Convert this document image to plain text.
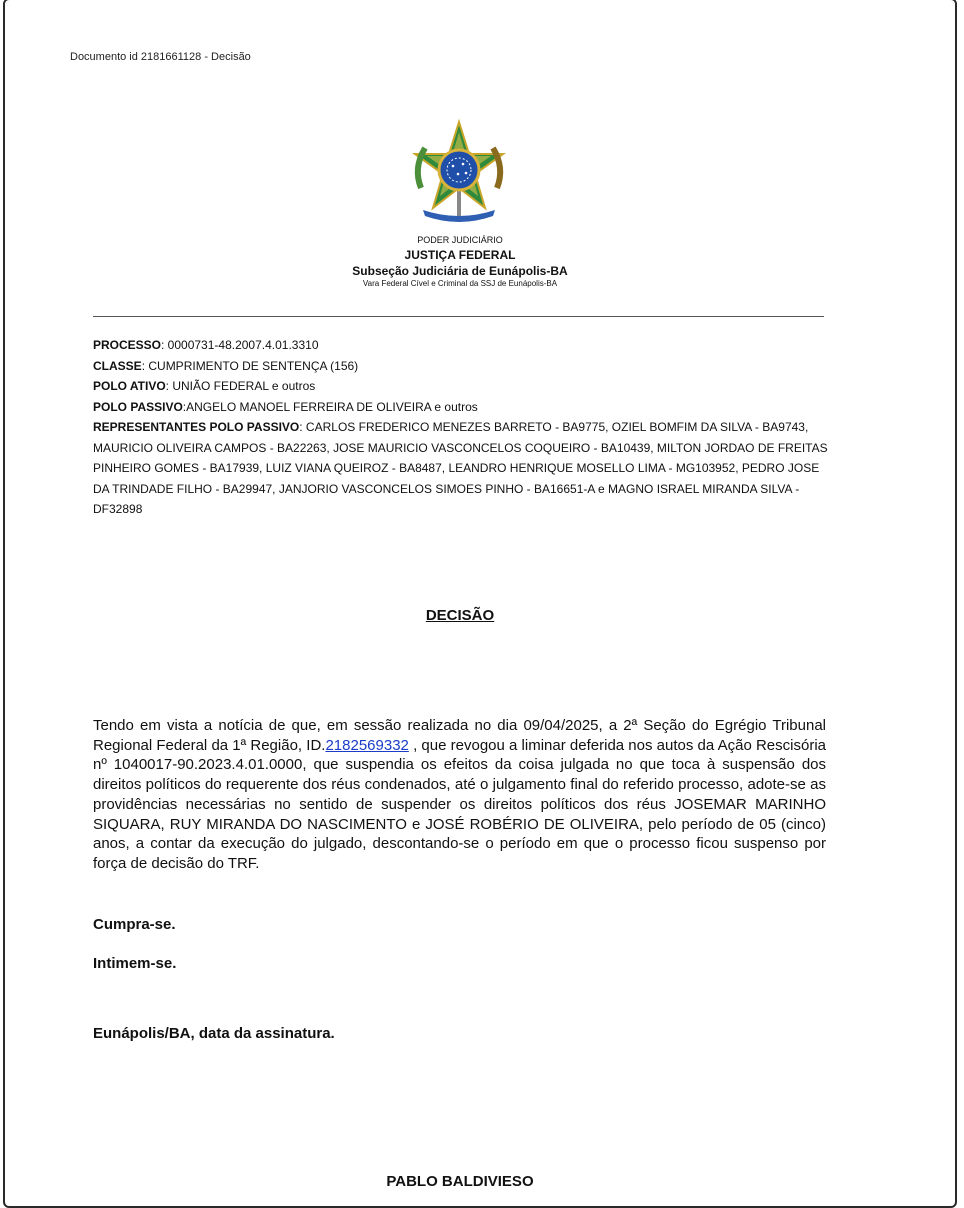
Documento id 2181661128 - Decisão
PODER JUDICIÁRIO
JUSTIÇA FEDERAL
Subseção Judiciária de Eunápolis-BA
Vara Federal Cível e Criminal da SSJ de Eunápolis-BA
PROCESSO: 0000731-48.2007.4.01.3310
CLASSE: CUMPRIMENTO DE SENTENÇA (156)
POLO ATIVO: UNIÃO FEDERAL e outros
POLO PASSIVO:ANGELO MANOEL FERREIRA DE OLIVEIRA e outros
REPRESENTANTES POLO PASSIVO: CARLOS FREDERICO MENEZES BARRETO - BA9775, OZIEL BOMFIM DA SILVA - BA9743, MAURICIO OLIVEIRA CAMPOS - BA22263, JOSE MAURICIO VASCONCELOS COQUEIRO - BA10439, MILTON JORDAO DE FREITAS PINHEIRO GOMES - BA17939, LUIZ VIANA QUEIROZ - BA8487, LEANDRO HENRIQUE MOSELLO LIMA - MG103952, PEDRO JOSE DA TRINDADE FILHO - BA29947, JANJORIO VASCONCELOS SIMOES PINHO - BA16651-A e MAGNO ISRAEL MIRANDA SILVA - DF32898
DECISÃO
Tendo em vista a notícia de que, em sessão realizada no dia 09/04/2025, a 2ª Seção do Egrégio Tribunal Regional Federal da 1ª Região, ID.2182569332 , que revogou a liminar deferida nos autos da Ação Rescisória nº 1040017-90.2023.4.01.0000, que suspendia os efeitos da coisa julgada no que toca à suspensão dos direitos políticos do requerente dos réus condenados, até o julgamento final do referido processo, adote-se as providências necessárias no sentido de suspender os direitos políticos dos réus JOSEMAR MARINHO SIQUARA, RUY MIRANDA DO NASCIMENTO e JOSÉ ROBÉRIO DE OLIVEIRA, pelo período de 05 (cinco) anos, a contar da execução do julgado, descontando-se o período em que o processo ficou suspenso por força de decisão do TRF.
Cumpra-se.
Intimem-se.
Eunápolis/BA, data da assinatura.
PABLO BALDIVIESO
